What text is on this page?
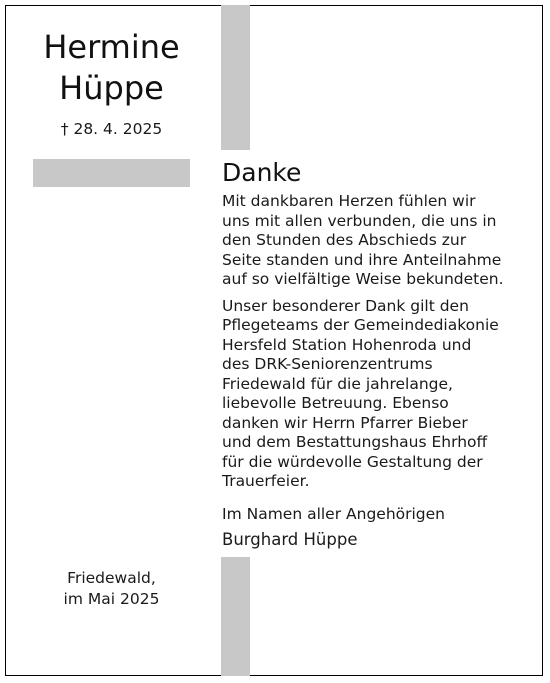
Hermine
Hüppe
† 28. 4. 2025
Danke
Mit dankbaren Herzen fühlen wir
uns mit allen verbunden, die uns in
den Stunden des Abschieds zur
Seite standen und ihre Anteilnahme
auf so vielfältige Weise bekundeten.
Unser besonderer Dank gilt den
Pflegeteams der Gemeindediakonie
Hersfeld Station Hohenroda und
des DRK-Seniorenzentrums
Friedewald für die jahrelange,
liebevolle Betreuung. Ebenso
danken wir Herrn Pfarrer Bieber
und dem Bestattungshaus Ehrhoff
für die würdevolle Gestaltung der
Trauerfeier.
Im Namen aller Angehörigen
Burghard Hüppe
Friedewald,
im Mai 2025
